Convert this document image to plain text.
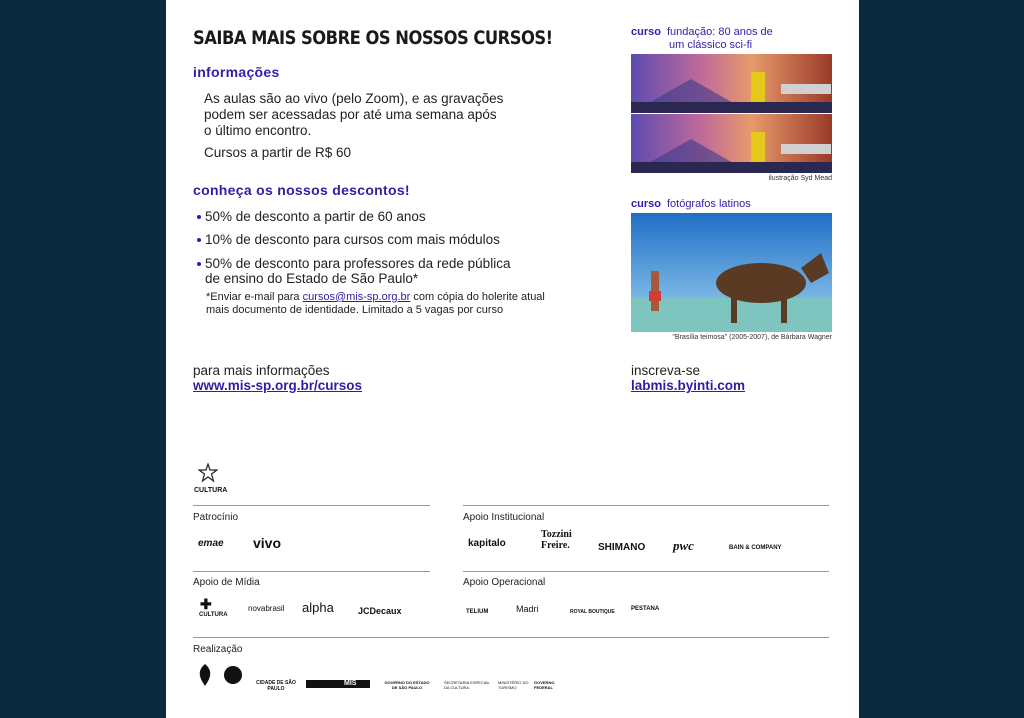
SAIBA MAIS SOBRE OS NOSSOS CURSOS!
informações
As aulas são ao vivo (pelo Zoom), e as gravações
podem ser acessadas por até uma semana após
o último encontro.
Cursos a partir de R$ 60
conheça os nossos descontos!
50% de desconto a partir de 60 anos
10% de desconto para cursos com mais módulos
50% de desconto para professores da rede pública
de ensino do Estado de São Paulo*
*Enviar e-mail para cursos@mis-sp.org.br com cópia do holerite atual
mais documento de identidade. Limitado a 5 vagas por curso
para mais informações
www.mis-sp.org.br/cursos
inscreva-se
labmis.byinti.com
curso fundação: 80 anos de
um clássico sci-fi
ilustração Syd Mead
curso fotógrafos latinos
"Brasília teimosa" (2005-2007), de Bárbara Wagner
CULTURA
Patrocínio	Apoio Institucional
emae vivo	kapitalo
Tozzini
Freire.	SHIMANO pwc	BAIN & COMPANY
Apoio de Mídia	Apoio Operacional
✚
CULTURA
novabrasil alpha	JCDecaux	TELIUM	Madri	ROYAL BOUTIQUE	PESTANA
Realização
CIDADE DE SÃO PAULO
MIS	GOVERNO DO ESTADO DE SÃO PAULO
SECRETARIA ESPECIAL DA CULTURA
MINISTÉRIO DO TURISMO
GOVERNO FEDERAL
